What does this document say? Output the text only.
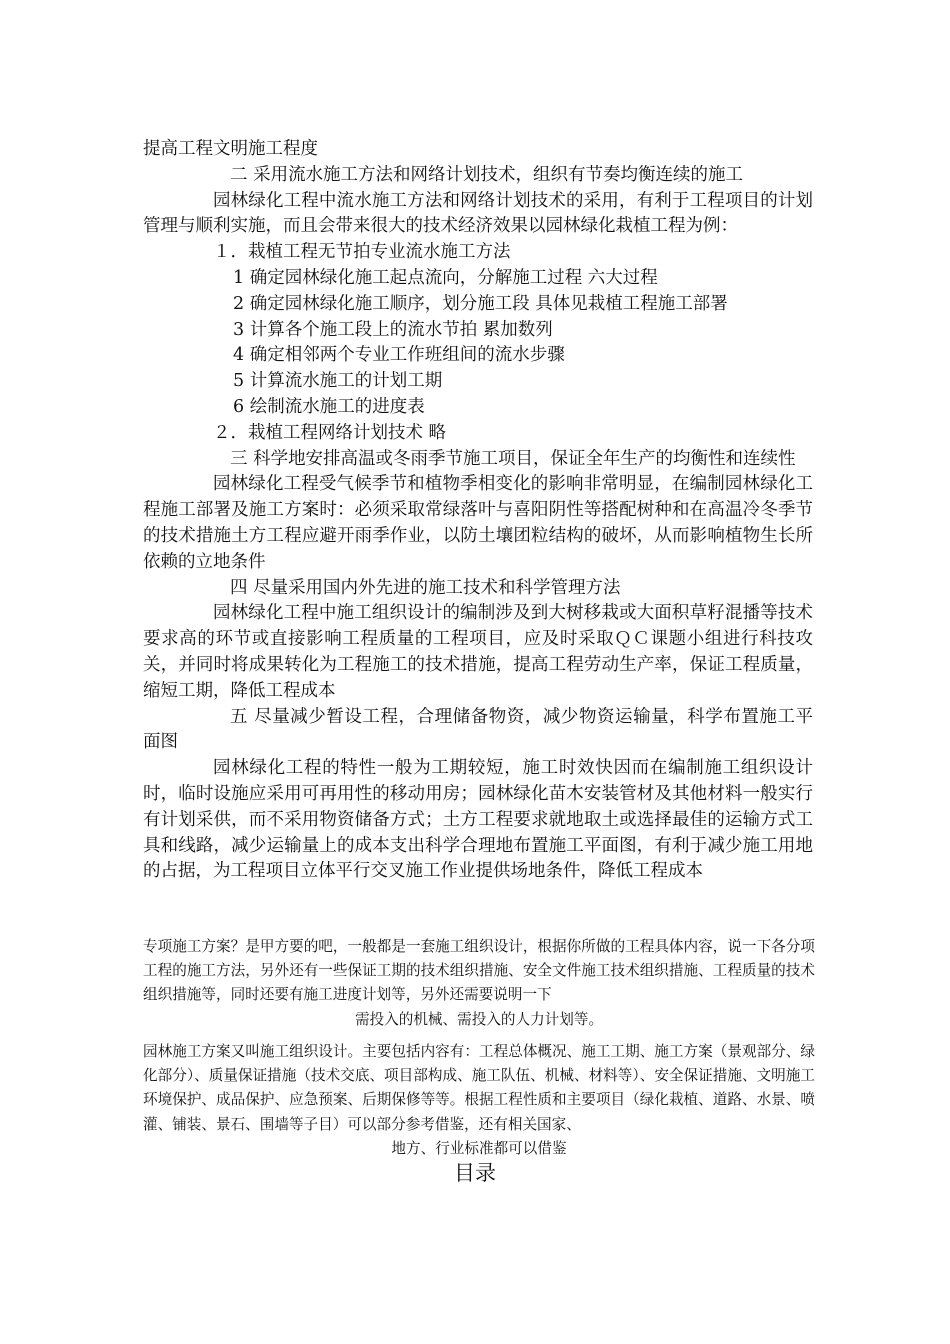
提高工程文明施工程度

二 采用流水施工方法和网络计划技术，组织有节奏均衡连续的施工

园林绿化工程中流水施工方法和网络计划技术的采用，有利于工程项目的计划管理与顺利实施，而且会带来很大的技术经济效果以园林绿化栽植工程为例：

１．栽植工程无节拍专业流水施工方法

1 确定园林绿化施工起点流向，分解施工过程 六大过程

2 确定园林绿化施工顺序，划分施工段 具体见栽植工程施工部署

3 计算各个施工段上的流水节拍 累加数列

4 确定相邻两个专业工作班组间的流水步骤

5 计算流水施工的计划工期

6 绘制流水施工的进度表

２．栽植工程网络计划技术 略

三 科学地安排高温或冬雨季节施工项目，保证全年生产的均衡性和连续性

园林绿化工程受气候季节和植物季相变化的影响非常明显，在编制园林绿化工程施工部署及施工方案时：必须采取常绿落叶与喜阳阴性等搭配树种和在高温冷冬季节的技术措施土方工程应避开雨季作业，以防土壤团粒结构的破坏，从而影响植物生长所依赖的立地条件

四 尽量采用国内外先进的施工技术和科学管理方法

园林绿化工程中施工组织设计的编制涉及到大树移栽或大面积草籽混播等技术要求高的环节或直接影响工程质量的工程项目，应及时采取ＱＣ课题小组进行科技攻关，并同时将成果转化为工程施工的技术措施，提高工程劳动生产率，保证工程质量，缩短工期，降低工程成本

五 尽量减少暂设工程，合理储备物资，减少物资运输量，科学布置施工平面图

园林绿化工程的特性一般为工期较短，施工时效快因而在编制施工组织设计时，临时设施应采用可再用性的移动用房；园林绿化苗木安装管材及其他材料一般实行有计划采供，而不采用物资储备方式；土方工程要求就地取土或选择最佳的运输方式工具和线路，减少运输量上的成本支出科学合理地布置施工平面图，有利于减少施工用地的占据，为工程项目立体平行交叉施工作业提供场地条件，降低工程成本

专项施工方案？是甲方要的吧，一般都是一套施工组织设计，根据你所做的工程具体内容，说一下各分项工程的施工方法，另外还有一些保证工期的技术组织措施、安全文件施工技术组织措施、工程质量的技术组织措施等，同时还要有施工进度计划等，另外还需要说明一下

需投入的机械、需投入的人力计划等。

园林施工方案又叫施工组织设计。主要包括内容有：工程总体概况、施工工期、施工方案（景观部分、绿化部分）、质量保证措施（技术交底、项目部构成、施工队伍、机械、材料等）、安全保证措施、文明施工环境保护、成品保护、应急预案、后期保修等等。根据工程性质和主要项目（绿化栽植、道路、水景、喷灌、铺装、景石、围墙等子目）可以部分参考借鉴，还有相关国家、

地方、行业标准都可以借鉴

目录
